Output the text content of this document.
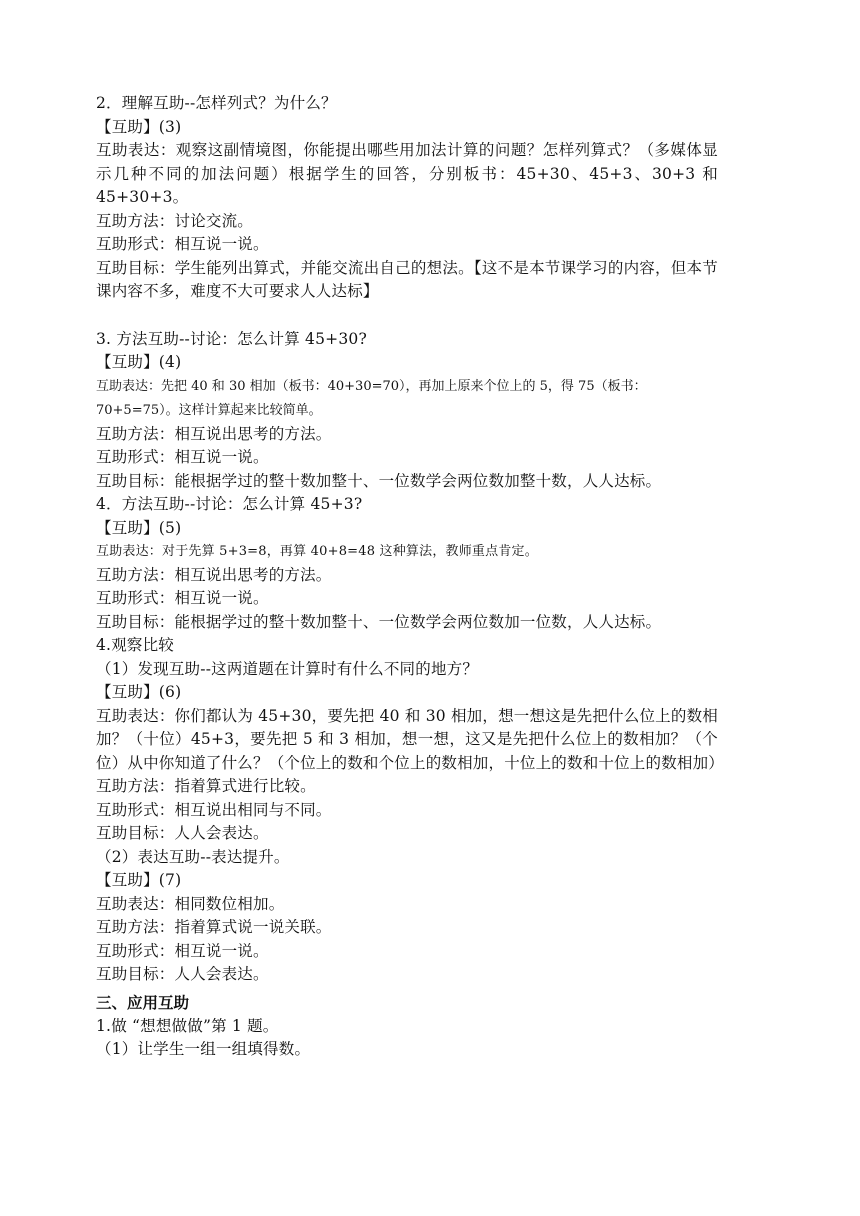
2．理解互助--怎样列式？为什么？
【互助】(3)
互助表达：观察这副情境图，你能提出哪些用加法计算的问题？怎样列算式？（多媒体显示几种不同的加法问题）根据学生的回答，分别板书：45+30、45+3、30+3 和 45+30+3。
互助方法：讨论交流。
互助形式：相互说一说。
互助目标：学生能列出算式，并能交流出自己的想法。【这不是本节课学习的内容，但本节课内容不多，难度不大可要求人人达标】
3. 方法互助--讨论：怎么计算 45+30?
【互助】(4)
互助表达：先把 40 和 30 相加（板书：40+30=70），再加上原来个位上的 5，得 75（板书：70+5=75）。这样计算起来比较简单。
互助方法：相互说出思考的方法。
互助形式：相互说一说。
互助目标：能根据学过的整十数加整十、一位数学会两位数加整十数，人人达标。
4．方法互助--讨论：怎么计算 45+3?
【互助】(5)
互助表达：对于先算 5+3=8，再算 40+8=48 这种算法，教师重点肯定。
互助方法：相互说出思考的方法。
互助形式：相互说一说。
互助目标：能根据学过的整十数加整十、一位数学会两位数加一位数，人人达标。
4.观察比较
（1）发现互助--这两道题在计算时有什么不同的地方？
【互助】(6)
互助表达：你们都认为 45+30，要先把 40 和 30 相加，想一想这是先把什么位上的数相加？（十位）45+3，要先把 5 和 3 相加，想一想，这又是先把什么位上的数相加？（个位）从中你知道了什么？（个位上的数和个位上的数相加，十位上的数和十位上的数相加）
互助方法：指着算式进行比较。
互助形式：相互说出相同与不同。
互助目标：人人会表达。
（2）表达互助--表达提升。
【互助】(7)
互助表达：相同数位相加。
互助方法：指着算式说一说关联。
互助形式：相互说一说。
互助目标：人人会表达。
三、应用互助
1.做 “想想做做”第 1 题。
（1）让学生一组一组填得数。
